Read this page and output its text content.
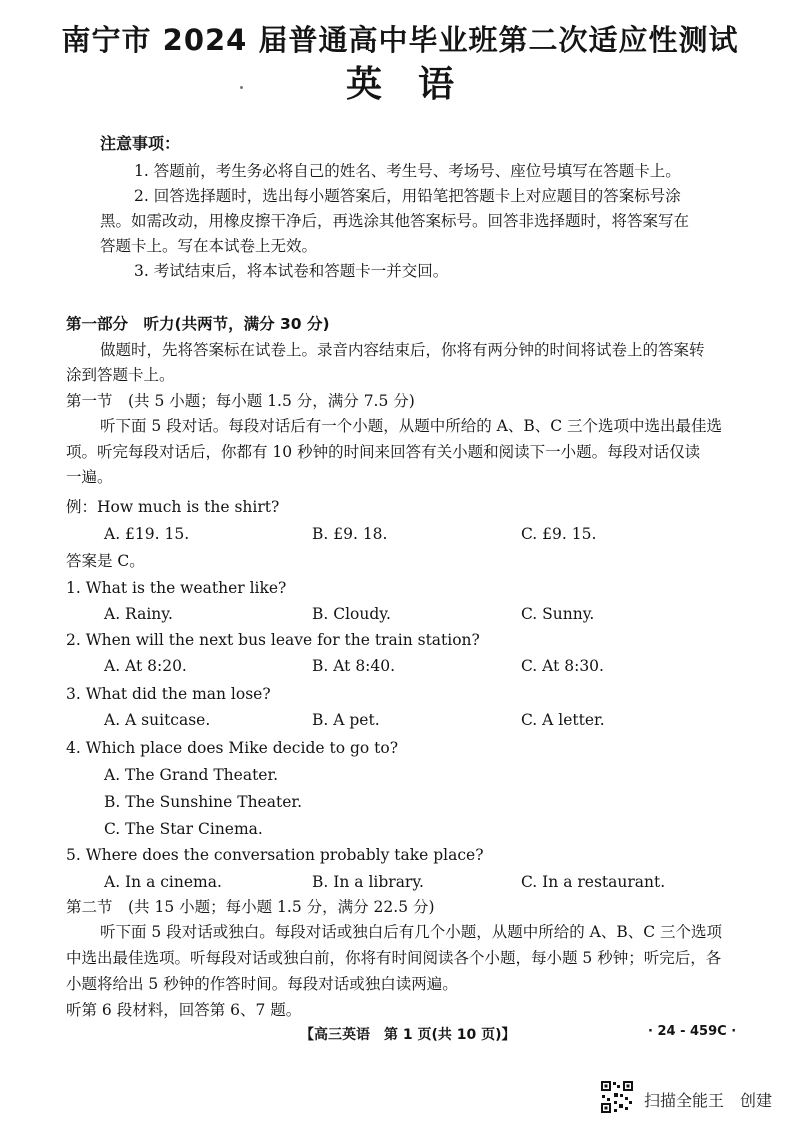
南宁市 2024 届普通高中毕业班第二次适应性测试
英语
注意事项：
1. 答题前，考生务必将自己的姓名、考生号、考场号、座位号填写在答题卡上。
2. 回答选择题时，选出每小题答案后，用铅笔把答题卡上对应题目的答案标号涂
黑。如需改动，用橡皮擦干净后，再选涂其他答案标号。回答非选择题时，将答案写在
答题卡上。写在本试卷上无效。
3. 考试结束后，将本试卷和答题卡一并交回。
第一部分　听力(共两节，满分 30 分)
做题时，先将答案标在试卷上。录音内容结束后，你将有两分钟的时间将试卷上的答案转
涂到答题卡上。
第一节　(共 5 小题；每小题 1.5 分，满分 7.5 分)
听下面 5 段对话。每段对话后有一个小题，从题中所给的 A、B、C 三个选项中选出最佳选
项。听完每段对话后，你都有 10 秒钟的时间来回答有关小题和阅读下一小题。每段对话仅读
一遍。
例：How much is the shirt?
A. £19. 15.	B. £9. 18.	C. £9. 15.
答案是 C。
1. What is the weather like?
A. Rainy.	B. Cloudy.	C. Sunny.
2. When will the next bus leave for the train station?
A. At 8:20.	B. At 8:40.	C. At 8:30.
3. What did the man lose?
A. A suitcase.	B. A pet.	C. A letter.
4. Which place does Mike decide to go to?
A. The Grand Theater.
B. The Sunshine Theater.
C. The Star Cinema.
5. Where does the conversation probably take place?
A. In a cinema.	B. In a library.	C. In a restaurant.
第二节　(共 15 小题；每小题 1.5 分，满分 22.5 分)
听下面 5 段对话或独白。每段对话或独白后有几个小题，从题中所给的 A、B、C 三个选项
中选出最佳选项。听每段对话或独白前，你将有时间阅读各个小题，每小题 5 秒钟；听完后，各
小题将给出 5 秒钟的作答时间。每段对话或独白读两遍。
听第 6 段材料，回答第 6、7 题。
【高三英语　第 1 页(共 10 页)】	· 24 - 459C ·
扫描全能王　创建
